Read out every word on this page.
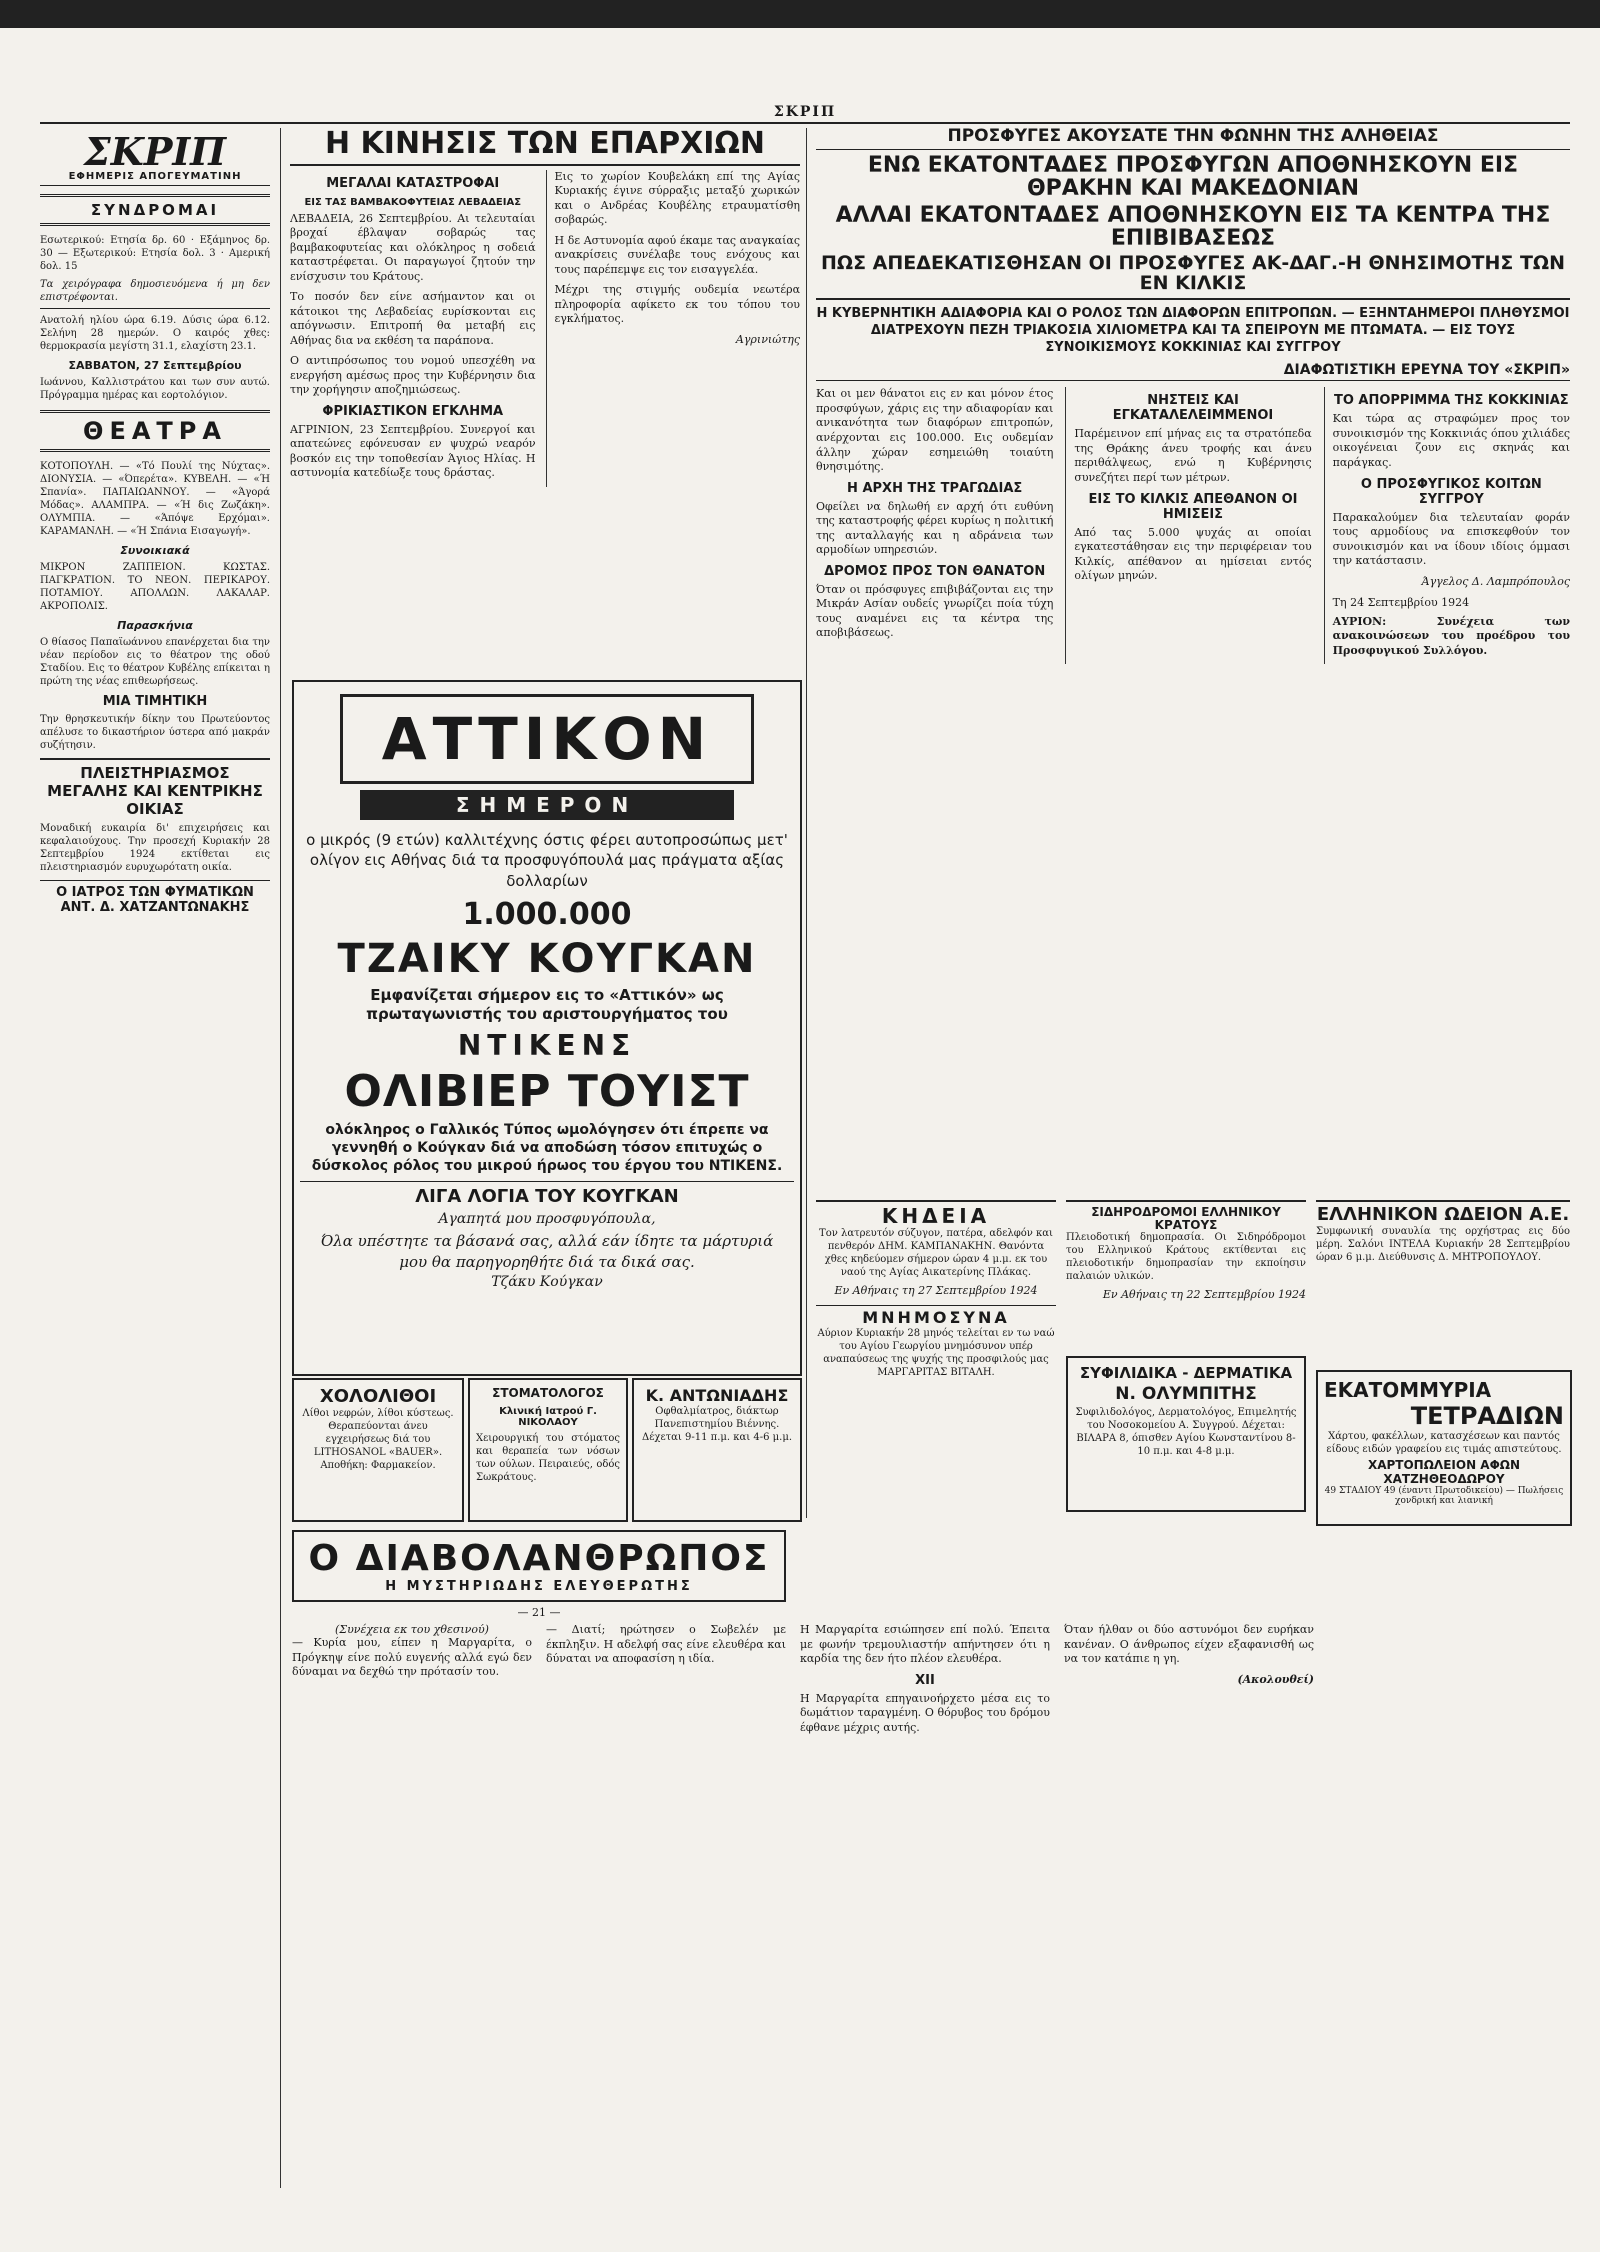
ΣΚΡΙΠ
ΣΚΡΙΠ
ΕΦΗΜΕΡΙΣ ΑΠΟΓΕΥΜΑΤΙΝΗ
ΣΥΝΔΡΟΜΑΙ

Εσωτερικού: Ετησία δρ. 60 · Εξάμηνος δρ. 30 — Εξωτερικού: Ετησία δολ. 3 · Αμερική δολ. 15

Τα χειρόγραφα δημοσιευόμενα ή μη δεν επιστρέφονται.

Ανατολή ηλίου ώρα 6.19. Δύσις ώρα 6.12. Σελήνη 28 ημερών. Ο καιρός χθες: θερμοκρασία μεγίστη 31.1, ελαχίστη 23.1.

ΣΑΒΒΑΤΟΝ, 27 Σεπτεμβρίου

Ιωάννου, Καλλιστράτου και των συν αυτώ. Πρόγραμμα ημέρας και εορτολόγιον.

ΘΕΑΤΡΑ

ΚΟΤΟΠΟΥΛΗ. — «Τό Πουλί της Νύχτας». ΔΙΟΝΥΣΙΑ. — «Όπερέτα». ΚΥΒΕΛΗ. — «Ή Σπανία». ΠΑΠΑΙΩΑΝΝΟΥ. — «Άγορά Μόδας». ΑΛΑΜΠΡΑ. — «Ή δις Ζωζάκη». ΟΛΥΜΠΙΑ. — «Άπόψε Ερχόμαι». ΚΑΡΑΜΑΝΛΗ. — «Ή Σπάνια Εισαγωγή».

Συνοικιακά

ΜΙΚΡΟΝ ΖΑΠΠΕΙΟΝ. ΚΩΣΤΑΣ. ΠΑΓΚΡΑΤΙΟΝ. ΤΟ ΝΕΟΝ. ΠΕΡΙΚΑΡΟΥ. ΠΟΤΑΜΙΟΥ. ΑΠΟΛΛΩΝ. ΛΑΚΑΛΑΡ. ΑΚΡΟΠΟΛΙΣ.

Παρασκήνια

Ο θίασος Παπαϊωάννου επανέρχεται δια την νέαν περίοδον εις το θέατρον της οδού Σταδίου. Εις το θέατρον Κυβέλης επίκειται η πρώτη της νέας επιθεωρήσεως.

ΜΙΑ ΤΙΜΗΤΙΚΗ

Την θρησκευτικήν δίκην του Πρωτεύοντος απέλυσε το δικαστήριον ύστερα από μακράν συζήτησιν.

ΠΛΕΙΣΤΗΡΙΑΣΜΟΣ ΜΕΓΑΛΗΣ ΚΑΙ ΚΕΝΤΡΙΚΗΣ ΟΙΚΙΑΣ

Μοναδική ευκαιρία δι' επιχειρήσεις και κεφαλαιούχους. Την προσεχή Κυριακήν 28 Σεπτεμβρίου 1924 εκτίθεται εις πλειστηριασμόν ευρυχωρότατη οικία.

Ο ΙΑΤΡΟΣ ΤΩΝ ΦΥΜΑΤΙΚΩΝ ΑΝΤ. Δ. ΧΑΤΖΑΝΤΩΝΑΚΗΣ
Η ΚΙΝΗΣΙΣ ΤΩΝ ΕΠΑΡΧΙΩΝ
ΜΕΓΑΛΑΙ ΚΑΤΑΣΤΡΟΦΑΙ
ΕΙΣ ΤΑΣ ΒΑΜΒΑΚΟΦΥΤΕΙΑΣ ΛΕΒΑΔΕΙΑΣ

ΛΕΒΑΔΕΙΑ, 26 Σεπτεμβρίου. Αι τελευταίαι βροχαί έβλαψαν σοβαρώς τας βαμβακοφυτείας και ολόκληρος η σοδειά καταστρέφεται. Οι παραγωγοί ζητούν την ενίσχυσιν του Κράτους.

Το ποσόν δεν είνε ασήμαντον και οι κάτοικοι της Λεβαδείας ευρίσκονται εις απόγνωσιν. Επιτροπή θα μεταβή εις Αθήνας δια να εκθέση τα παράπονα.

Ο αντιπρόσωπος του νομού υπεσχέθη να ενεργήση αμέσως προς την Κυβέρνησιν δια την χορήγησιν αποζημιώσεως.

ΦΡΙΚΙΑΣΤΙΚΟΝ ΕΓΚΛΗΜΑ

ΑΓΡΙΝΙΟΝ, 23 Σεπτεμβρίου. Συνεργοί και απατεώνες εφόνευσαν εν ψυχρώ νεαρόν βοσκόν εις την τοποθεσίαν Άγιος Ηλίας. Η αστυνομία κατεδίωξε τους δράστας.

Εις το χωρίον Κουβελάκη επί της Αγίας Κυριακής έγινε σύρραξις μεταξύ χωρικών και ο Ανδρέας Κουβέλης ετραυματίσθη σοβαρώς.

Η δε Αστυνομία αφού έκαμε τας αναγκαίας ανακρίσεις συνέλαβε τους ενόχους και τους παρέπεμψε εις τον εισαγγελέα.

Μέχρι της στιγμής ουδεμία νεωτέρα πληροφορία αφίκετο εκ του τόπου του εγκλήματος.

Αγρινιώτης
ΑΤΤΙΚΟΝ
ΣΗΜΕΡΟΝ

ο μικρός (9 ετών) καλλιτέχνης όστις φέρει αυτοπροσώπως μετ' ολίγον εις Αθήνας διά τα προσφυγόπουλά μας πράγματα αξίας δολλαρίων

1.000.000
ΤΖΑΙΚΥ ΚΟΥΓΚΑΝ

Εμφανίζεται σήμερον εις το «Αττικόν» ως πρωταγωνιστής του αριστουργήματος του

ΝΤΙΚΕΝΣ
ΟΛΙΒΙΕΡ ΤΟΥΙΣΤ

ολόκληρος ο Γαλλικός Τύπος ωμολόγησεν ότι έπρεπε να γεννηθή ο Κούγκαν διά να αποδώση τόσον επιτυχώς ο δύσκολος ρόλος του μικρού ήρωος του έργου του ΝΤΙΚΕΝΣ.

ΛΙΓΑ ΛΟΓΙΑ ΤΟΥ ΚΟΥΓΚΑΝ
Αγαπητά μου προσφυγόπουλα,

Όλα υπέστητε τα βάσανά σας, αλλά εάν ίδητε τα μάρτυριά μου θα παρηγορηθήτε διά τα δικά σας.

Τζάκυ Κούγκαν
ΧΟΛΟΛΙΘΟΙ

Λίθοι νεφρών, λίθοι κύστεως. Θεραπεύονται άνευ εγχειρήσεως διά του LITHOSANOL «BAUER». Αποθήκη: Φαρμακείον.

ΣΤΟΜΑΤΟΛΟΓΟΣ
Κλινική Ιατρού Γ. ΝΙΚΟΛΑΟΥ

Χειρουργική του στόματος και θεραπεία των νόσων των ούλων. Πειραιεύς, οδός Σωκράτους.

Κ. ΑΝΤΩΝΙΑΔΗΣ

Οφθαλμίατρος, διάκτωρ Πανεπιστημίου Βιέννης. Δέχεται 9-11 π.μ. και 4-6 μ.μ.

Ο ΔΙΑΒΟΛΑΝΘΡΩΠΟΣ
Η ΜΥΣΤΗΡΙΩΔΗΣ ΕΛΕΥΘΕΡΩΤΗΣ
— 21 —
(Συνέχεια εκ του χθεσινού)

— Κυρία μου, είπεν η Μαργαρίτα, ο Πρόγκηψ είνε πολύ ευγενής αλλά εγώ δεν δύναμαι να δεχθώ την πρότασίν του.

— Διατί; ηρώτησεν ο Σωβελέν με έκπληξιν. Η αδελφή σας είνε ελευθέρα και δύναται να αποφασίση η ιδία.

Η Μαργαρίτα εσιώπησεν επί πολύ. Έπειτα με φωνήν τρεμουλιαστήν απήντησεν ότι η καρδία της δεν ήτο πλέον ελευθέρα.

XII

Η Μαργαρίτα επηγαινοήρχετο μέσα εις το δωμάτιον ταραγμένη. Ο θόρυβος του δρόμου έφθανε μέχρις αυτής.

Όταν ήλθαν οι δύο αστυνόμοι δεν ευρήκαν κανέναν. Ο άνθρωπος είχεν εξαφανισθή ως να τον κατάπιε η γη.

(Ακολουθεί)
ΠΡΟΣΦΥΓΕΣ ΑΚΟΥΣΑΤΕ ΤΗΝ ΦΩΝΗΝ ΤΗΣ ΑΛΗΘΕΙΑΣ
ΕΝΩ ΕΚΑΤΟΝΤΑΔΕΣ ΠΡΟΣΦΥΓΩΝ ΑΠΟΘΝΗΣΚΟΥΝ ΕΙΣ ΘΡΑΚΗΝ ΚΑΙ ΜΑΚΕΔΟΝΙΑΝ
ΑΛΛΑΙ ΕΚΑΤΟΝΤΑΔΕΣ ΑΠΟΘΝΗΣΚΟΥΝ ΕΙΣ ΤΑ ΚΕΝΤΡΑ ΤΗΣ ΕΠΙΒΙΒΑΣΕΩΣ
ΠΩΣ ΑΠΕΔΕΚΑΤΙΣΘΗΣΑΝ ΟΙ ΠΡΟΣΦΥΓΕΣ ΑΚ-ΔΑΓ.-Η ΘΝΗΣΙΜΟΤΗΣ ΤΩΝ ΕΝ ΚΙΛΚΙΣ
Η ΚΥΒΕΡΝΗΤΙΚΗ ΑΔΙΑΦΟΡΙΑ ΚΑΙ Ο ΡΟΛΟΣ ΤΩΝ ΔΙΑΦΟΡΩΝ ΕΠΙΤΡΟΠΩΝ. — ΕΞΗΝΤΑΗΜΕΡΟΙ ΠΛΗΘΥΣΜΟΙ ΔΙΑΤΡΕΧΟΥΝ ΠΕΖΗ ΤΡΙΑΚΟΣΙΑ ΧΙΛΙΟΜΕΤΡΑ ΚΑΙ ΤΑ ΣΠΕΙΡΟΥΝ ΜΕ ΠΤΩΜΑΤΑ. — ΕΙΣ ΤΟΥΣ ΣΥΝΟΙΚΙΣΜΟΥΣ ΚΟΚΚΙΝΙΑΣ ΚΑΙ ΣΥΓΓΡΟΥ
ΔΙΑΦΩΤΙΣΤΙΚΗ ΕΡΕΥΝΑ ΤΟΥ «ΣΚΡΙΠ»

Και οι μεν θάνατοι εις εν και μόνον έτος προσφύγων, χάρις εις την αδιαφορίαν και ανικανότητα των διαφόρων επιτροπών, ανέρχονται εις 100.000. Εις ουδεμίαν άλλην χώραν εσημειώθη τοιαύτη θνησιμότης.

Η ΑΡΧΗ ΤΗΣ ΤΡΑΓΩΔΙΑΣ

Οφείλει να δηλωθή εν αρχή ότι ευθύνη της καταστροφής φέρει κυρίως η πολιτική της ανταλλαγής και η αδράνεια των αρμοδίων υπηρεσιών.

ΔΡΟΜΟΣ ΠΡΟΣ ΤΟΝ ΘΑΝΑΤΟΝ

Όταν οι πρόσφυγες επιβιβάζονται εις την Μικράν Ασίαν ουδείς γνωρίζει ποία τύχη τους αναμένει εις τα κέντρα της αποβιβάσεως.

ΝΗΣΤΕΙΣ ΚΑΙ ΕΓΚΑΤΑΛΕΛΕΙΜΜΕΝΟΙ

Παρέμεινον επί μήνας εις τα στρατόπεδα της Θράκης άνευ τροφής και άνευ περιθάλψεως, ενώ η Κυβέρνησις συνεζήτει περί των μέτρων.

ΕΙΣ ΤΟ ΚΙΛΚΙΣ ΑΠΕΘΑΝΟΝ ΟΙ ΗΜΙΣΕΙΣ

Από τας 5.000 ψυχάς αι οποίαι εγκατεστάθησαν εις την περιφέρειαν του Κιλκίς, απέθανον αι ημίσειαι εντός ολίγων μηνών.

ΤΟ ΑΠΟΡΡΙΜΜΑ ΤΗΣ ΚΟΚΚΙΝΙΑΣ

Και τώρα ας στραφώμεν προς τον συνοικισμόν της Κοκκινιάς όπου χιλιάδες οικογένειαι ζουν εις σκηνάς και παράγκας.

Ο ΠΡΟΣΦΥΓΙΚΟΣ ΚΟΙΤΩΝ ΣΥΓΓΡΟΥ

Παρακαλούμεν δια τελευταίαν φοράν τους αρμοδίους να επισκεφθούν τον συνοικισμόν και να ίδουν ιδίοις όμμασι την κατάστασιν.

Άγγελος Δ. Λαμπρόπουλος
Τη 24 Σεπτεμβρίου 1924

ΑΥΡΙΟΝ: Συνέχεια των ανακοινώσεων του προέδρου του Προσφυγικού Συλλόγου.

ΚΗΔΕΙΑ

Τον λατρευτόν σύζυγον, πατέρα, αδελφόν και πενθερόν ΔΗΜ. ΚΑΜΠΑΝΑΚΗΝ. Θανόντα χθες κηδεύομεν σήμερον ώραν 4 μ.μ. εκ του ναού της Αγίας Αικατερίνης Πλάκας.

Εν Αθήναις τη 27 Σεπτεμβρίου 1924
ΜΝΗΜΟΣΥΝΑ

Αύριον Κυριακήν 28 μηνός τελείται εν τω ναώ του Αγίου Γεωργίου μνημόσυνον υπέρ αναπαύσεως της ψυχής της προσφιλούς μας ΜΑΡΓΑΡΙΤΑΣ ΒΙΤΑΛΗ.

ΣΙΔΗΡΟΔΡΟΜΟΙ ΕΛΛΗΝΙΚΟΥ ΚΡΑΤΟΥΣ

Πλειοδοτική δημοπρασία. Οι Σιδηρόδρομοι του Ελληνικού Κράτους εκτίθενται εις πλειοδοτικήν δημοπρασίαν την εκποίησιν παλαιών υλικών.

Εν Αθήναις τη 22 Σεπτεμβρίου 1924
ΣΥΦΙΛΙΔΙΚΑ - ΔΕΡΜΑΤΙΚΑ
Ν. ΟΛΥΜΠΙΤΗΣ

Συφιλιδολόγος, Δερματολόγος, Επιμελητής του Νοσοκομείου Α. Συγγρού. Δέχεται: ΒΙΛΑΡΑ 8, όπισθεν Αγίου Κωνσταντίνου 8-10 π.μ. και 4-8 μ.μ.

ΕΛΛΗΝΙΚΟΝ ΩΔΕΙΟΝ Α.Ε.

Συμφωνική συναυλία της ορχήστρας εις δύο μέρη. Σαλόνι ΙΝΤΕΛΑ Κυριακήν 28 Σεπτεμβρίου ώραν 6 μ.μ. Διεύθυνσις Δ. ΜΗΤΡΟΠΟΥΛΟΥ.

ΕΚΑΤΟΜΜΥΡΙΑ
ΤΕΤΡΑΔΙΩΝ

Χάρτου, φακέλλων, κατασχέσεων και παντός είδους ειδών γραφείου εις τιμάς απιστεύτους.

ΧΑΡΤΟΠΩΛΕΙΟΝ ΑΦΩΝ ΧΑΤΖΗΘΕΟΔΩΡΟΥ
49 ΣΤΑΔΙΟΥ 49 (έναντι Πρωτοδικείου) — Πωλήσεις χονδρική και λιανική
